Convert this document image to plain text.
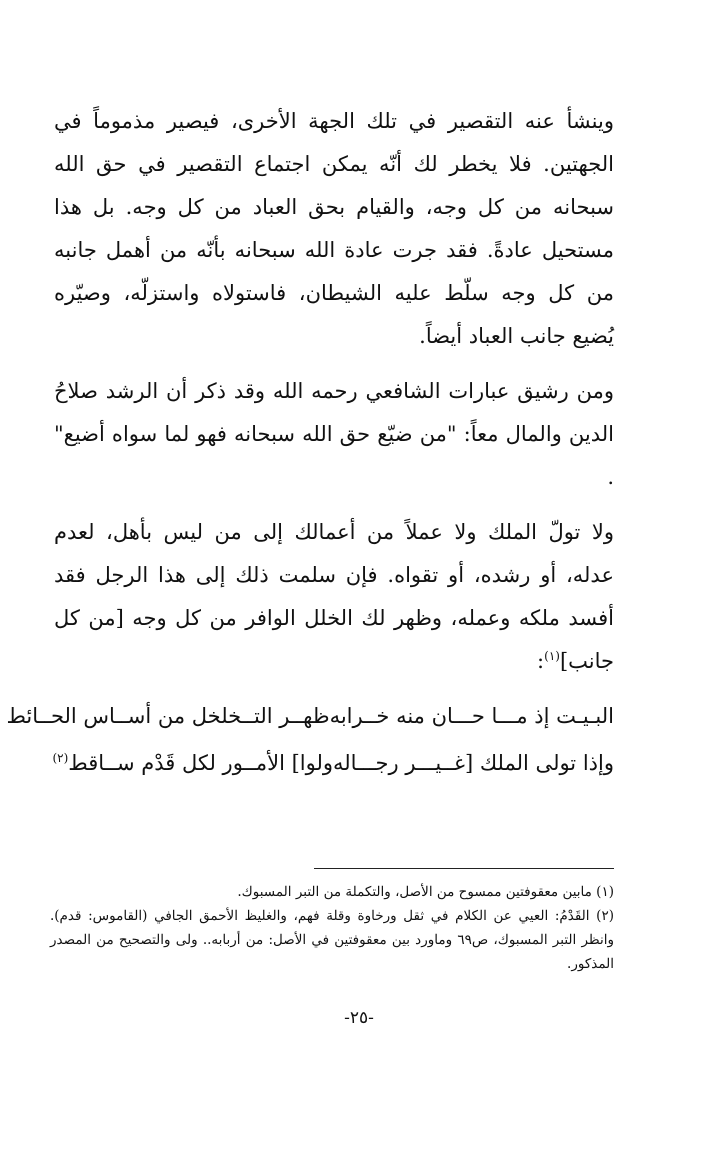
وينشأ عنه التقصير في تلك الجهة الأخرى، فيصير مذموماً في الجهتين. فلا يخطر لك أنّه يمكن اجتماع التقصير في حق الله سبحانه من كل وجه، والقيام بحق العباد من كل وجه. بل هذا مستحيل عادةً. فقد جرت عادة الله سبحانه بأنّه من أهمل جانبه من كل وجه سلّط عليه الشيطان، فاستولاه واستزلّه، وصيّره يُضيع جانب العباد أيضاً.

ومن رشيق عبارات الشافعي رحمه الله وقد ذكر أن الرشد صلاحُ الدين والمال معاً: "من ضيّع حق الله سبحانه فهو لما سواه أضيع" .

ولا تولّ الملك ولا عملاً من أعمالك إلى من ليس بأهل، لعدم عدله، أو رشده، أو تقواه. فإن سلمت ذلك إلى هذا الرجل فقد أفسد ملكه وعمله، وظهر لك الخلل الوافر من كل وجه [من كل جانب]$^{(١)}$:

البـيـت إذ مـــا حـــان منه خــرابه
ظهــر التــخلخل من أســاس الحــائط
وإذا تولى الملك [غــيـــر رجـــاله
ولوا] الأمــور لكل قَدْم ســاقط$^{(٢)}$

(١) مابين معقوفتين ممسوح من الأصل، والتكملة من التبر المسبوك.

(٢) القَدْمُ: العيي عن الكلام في ثقل ورخاوة وقلة فهم، والغليظ الأحمق الجافي (القاموس: قدم). وانظر التبر المسبوك، ص٦٩ وماورد بين معقوفتين في الأصل: من أربابه.. ولى والتصحيح من المصدر المذكور.

-٢٥-
